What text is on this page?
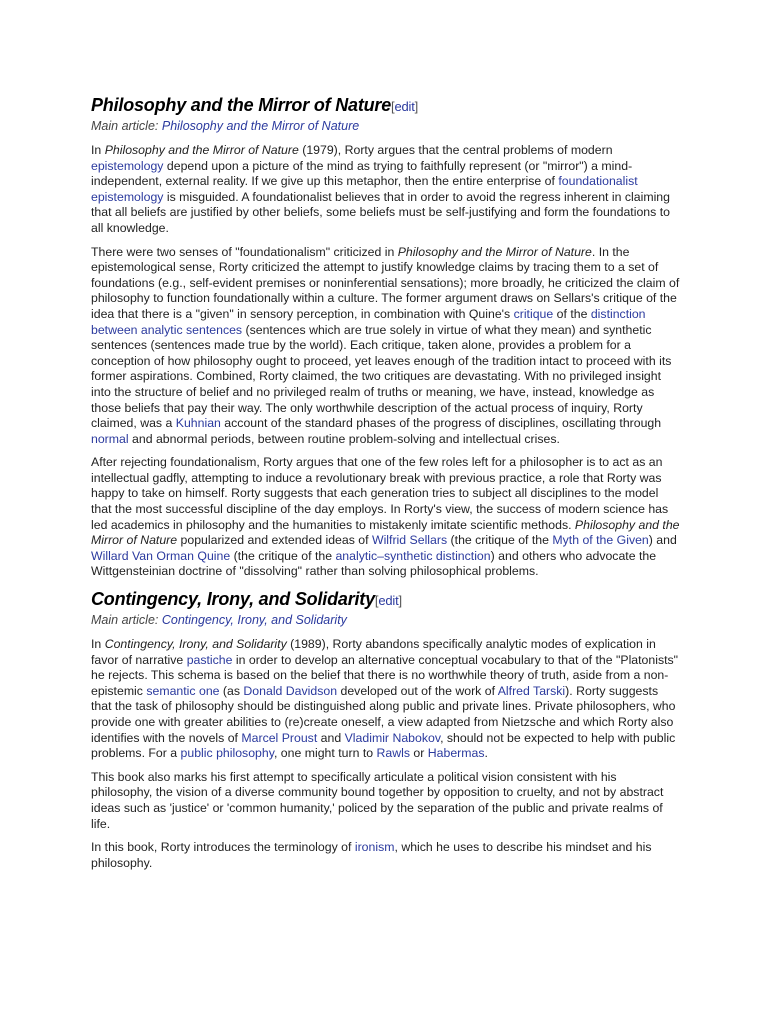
Philosophy and the Mirror of Nature[edit]
Main article: Philosophy and the Mirror of Nature

In Philosophy and the Mirror of Nature (1979), Rorty argues that the central problems of modern epistemology depend upon a picture of the mind as trying to faithfully represent (or "mirror") a mind-independent, external reality. If we give up this metaphor, then the entire enterprise of foundationalist epistemology is misguided. A foundationalist believes that in order to avoid the regress inherent in claiming that all beliefs are justified by other beliefs, some beliefs must be self-justifying and form the foundations to all knowledge.

There were two senses of "foundationalism" criticized in Philosophy and the Mirror of Nature. In the epistemological sense, Rorty criticized the attempt to justify knowledge claims by tracing them to a set of foundations (e.g., self-evident premises or noninferential sensations); more broadly, he criticized the claim of philosophy to function foundationally within a culture. The former argument draws on Sellars's critique of the idea that there is a "given" in sensory perception, in combination with Quine's critique of the distinction between analytic sentences (sentences which are true solely in virtue of what they mean) and synthetic sentences (sentences made true by the world). Each critique, taken alone, provides a problem for a conception of how philosophy ought to proceed, yet leaves enough of the tradition intact to proceed with its former aspirations. Combined, Rorty claimed, the two critiques are devastating. With no privileged insight into the structure of belief and no privileged realm of truths or meaning, we have, instead, knowledge as those beliefs that pay their way. The only worthwhile description of the actual process of inquiry, Rorty claimed, was a Kuhnian account of the standard phases of the progress of disciplines, oscillating through normal and abnormal periods, between routine problem-solving and intellectual crises.

After rejecting foundationalism, Rorty argues that one of the few roles left for a philosopher is to act as an intellectual gadfly, attempting to induce a revolutionary break with previous practice, a role that Rorty was happy to take on himself. Rorty suggests that each generation tries to subject all disciplines to the model that the most successful discipline of the day employs. In Rorty's view, the success of modern science has led academics in philosophy and the humanities to mistakenly imitate scientific methods. Philosophy and the Mirror of Nature popularized and extended ideas of Wilfrid Sellars (the critique of the Myth of the Given) and Willard Van Orman Quine (the critique of the analytic–synthetic distinction) and others who advocate the Wittgensteinian doctrine of "dissolving" rather than solving philosophical problems.

Contingency, Irony, and Solidarity[edit]
Main article: Contingency, Irony, and Solidarity

In Contingency, Irony, and Solidarity (1989), Rorty abandons specifically analytic modes of explication in favor of narrative pastiche in order to develop an alternative conceptual vocabulary to that of the "Platonists" he rejects. This schema is based on the belief that there is no worthwhile theory of truth, aside from a non-epistemic semantic one (as Donald Davidson developed out of the work of Alfred Tarski). Rorty suggests that the task of philosophy should be distinguished along public and private lines. Private philosophers, who provide one with greater abilities to (re)create oneself, a view adapted from Nietzsche and which Rorty also identifies with the novels of Marcel Proust and Vladimir Nabokov, should not be expected to help with public problems. For a public philosophy, one might turn to Rawls or Habermas.

This book also marks his first attempt to specifically articulate a political vision consistent with his philosophy, the vision of a diverse community bound together by opposition to cruelty, and not by abstract ideas such as 'justice' or 'common humanity,' policed by the separation of the public and private realms of life.

In this book, Rorty introduces the terminology of ironism, which he uses to describe his mindset and his philosophy.
